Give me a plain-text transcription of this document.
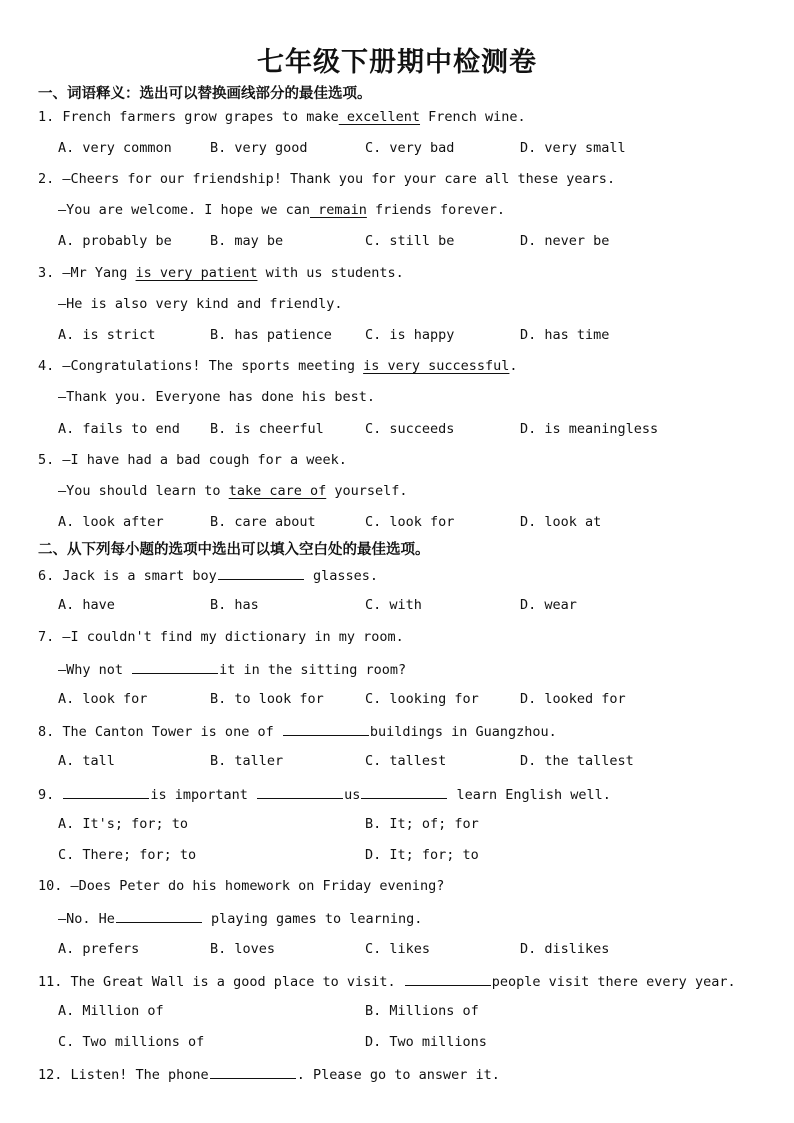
七年级下册期中检测卷
一、词语释义：选出可以替换画线部分的最佳选项。
1. French farmers grow grapes to make excellent French wine.
A. very common	B. very good	C. very bad	D. very small
2. —Cheers for our friendship! Thank you for your care all these years.
—You are welcome. I hope we can remain friends forever.
A. probably be	B. may be	C. still be	D. never be
3. —Mr Yang is very patient with us students.
—He is also very kind and friendly.
A. is strict	B. has patience C. is happy	D. has time
4. —Congratulations! The sports meeting is very successful.
—Thank you. Everyone has done his best.
A. fails to end B. is cheerful	C. succeeds	D. is meaningless
5. —I have had a bad cough for a week.
—You should learn to take care of yourself.
A. look after	B. care about	C. look for	D. look at
二、从下列每小题的选项中选出可以填入空白处的最佳选项。
6. Jack is a smart boy	glasses.
A. have	B. has	C. with	D. wear
7. —I couldn't find my dictionary in my room.
—Why not	it in the sitting room?
A. look for	B. to look for	C. looking for	D. looked for
8. The Canton Tower is one of	buildings in Guangzhou.
A. tall	B. taller	C. tallest	D. the tallest
9.	is important	us	learn English well.
A. It's; for; to	B. It; of; for
C. There; for; to	D. It; for; to
10. —Does Peter do his homework on Friday evening?
—No. He	playing games to learning.
A. prefers	B. loves	C. likes	D. dislikes
11. The Great Wall is a good place to visit.	people visit there every year.
A. Million of	B. Millions of
C. Two millions of	D. Two millions
12. Listen! The phone	. Please go to answer it.
